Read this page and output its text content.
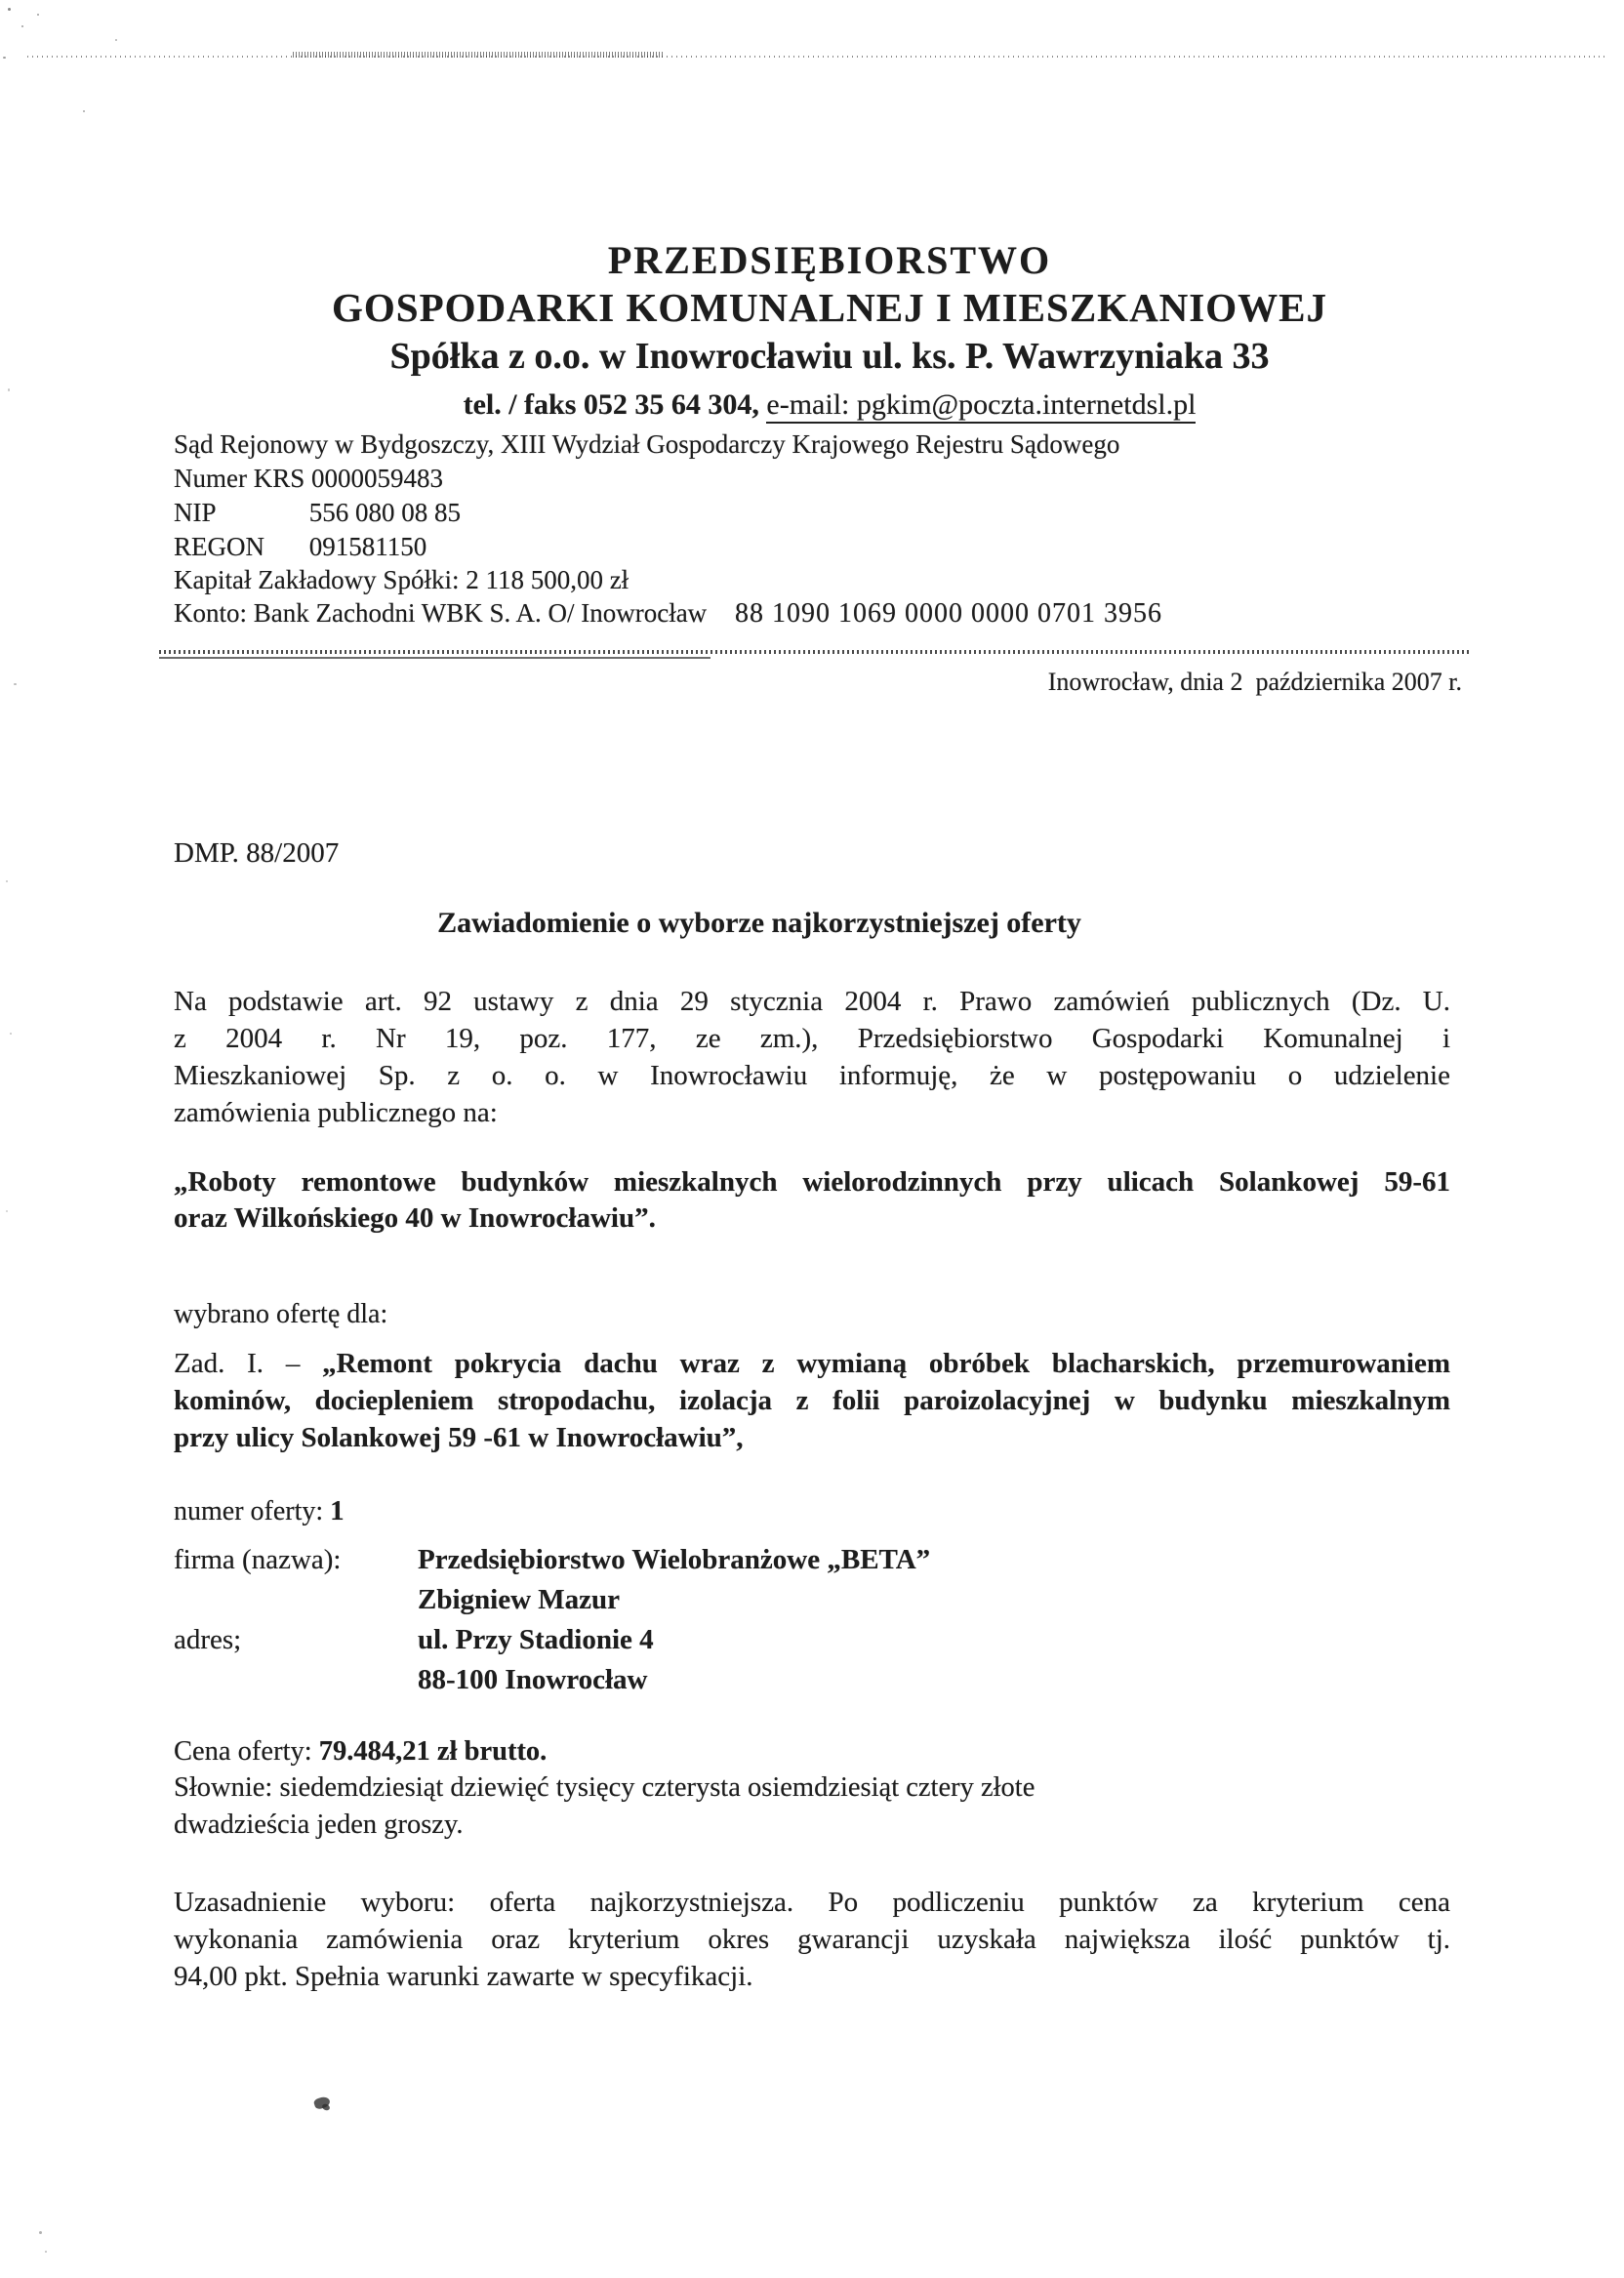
PRZEDSIĘBIORSTWO
GOSPODARKI KOMUNALNEJ I MIESZKANIOWEJ
Spółka z o.o. w Inowrocławiu ul. ks. P. Wawrzyniaka 33
tel. / faks 052 35 64 304, e-mail: pgkim@poczta.internetdsl.pl
Sąd Rejonowy w Bydgoszczy, XIII Wydział Gospodarczy Krajowego Rejestru Sądowego
Numer KRS 0000059483
NIP	556 080 08 85
REGON 091581150
Kapitał Zakładowy Spółki: 2 118 500,00 zł
Konto: Bank Zachodni WBK S. A. O/ Inowrocław 88 1090 1069 0000 0000 0701 3956
Inowrocław, dnia 2  października 2007 r.
DMP. 88/2007
Zawiadomienie o wyborze najkorzystniejszej oferty
Na podstawie art. 92 ustawy z dnia 29 stycznia 2004 r. Prawo zamówień publicznych (Dz. U.
z 2004 r. Nr 19, poz. 177, ze zm.), Przedsiębiorstwo Gospodarki Komunalnej i
Mieszkaniowej Sp. z o. o. w Inowrocławiu informuję, że w postępowaniu o udzielenie
zamówienia publicznego na:
„Roboty remontowe budynków mieszkalnych wielorodzinnych przy ulicach Solankowej 59-61
oraz Wilkońskiego 40 w Inowrocławiu”.
wybrano ofertę dla:
Zad. I. – „Remont pokrycia dachu wraz z wymianą obróbek blacharskich, przemurowaniem
kominów, dociepleniem stropodachu, izolacja z folii paroizolacyjnej w budynku mieszkalnym
przy ulicy Solankowej 59 -61 w Inowrocławiu”,
numer oferty: 1
firma (nazwa):	Przedsiębiorstwo Wielobranżowe „BETA”
Zbigniew Mazur
adres;	ul. Przy Stadionie 4
88-100 Inowrocław
Cena oferty: 79.484,21 zł brutto.
Słownie: siedemdziesiąt dziewięć tysięcy czterysta osiemdziesiąt cztery złote
dwadzieścia jeden groszy.
Uzasadnienie wyboru: oferta najkorzystniejsza. Po podliczeniu punktów za kryterium cena
wykonania zamówienia oraz kryterium okres gwarancji uzyskała największa ilość punktów tj.
94,00 pkt. Spełnia warunki zawarte w specyfikacji.
